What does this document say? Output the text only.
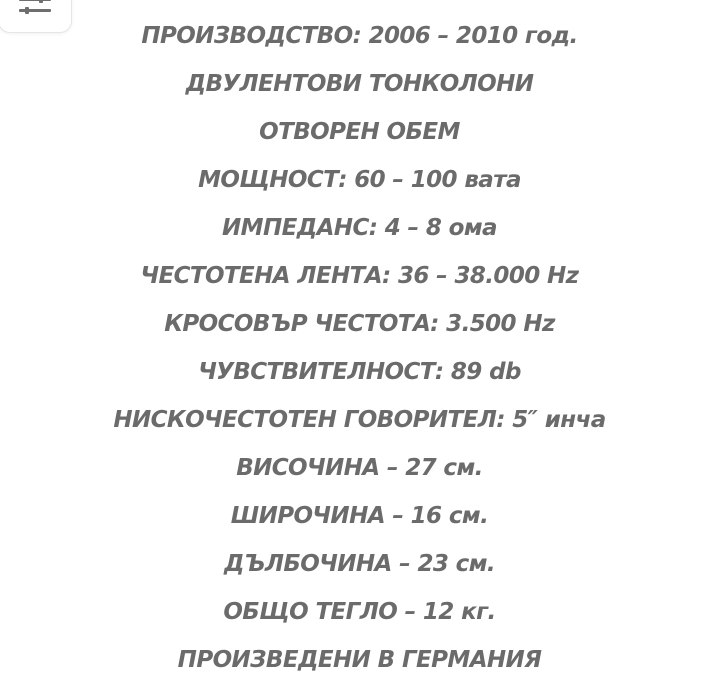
ПРОИЗВОДСТВО: 2006 – 2010 год.
ДВУЛЕНТОВИ ТОНКОЛОНИ
ОТВОРЕН ОБЕМ
МОЩНОСТ: 60 – 100 вата
ИМПЕДАНС: 4 – 8 ома
ЧЕСТОТЕНА ЛЕНТА: 36 – 38.000 Hz
КРОСОВЪР ЧЕСТОТА: 3.500 Hz
ЧУВСТВИТЕЛНОСТ: 89 db
НИСКОЧЕСТОТЕН ГОВОРИТЕЛ: 5″ инча
ВИСОЧИНА – 27 см.
ШИРОЧИНА – 16 см.
ДЪЛБОЧИНА – 23 см.
ОБЩО ТЕГЛО – 12 кг.
ПРОИЗВЕДЕНИ В ГЕРМАНИЯ
